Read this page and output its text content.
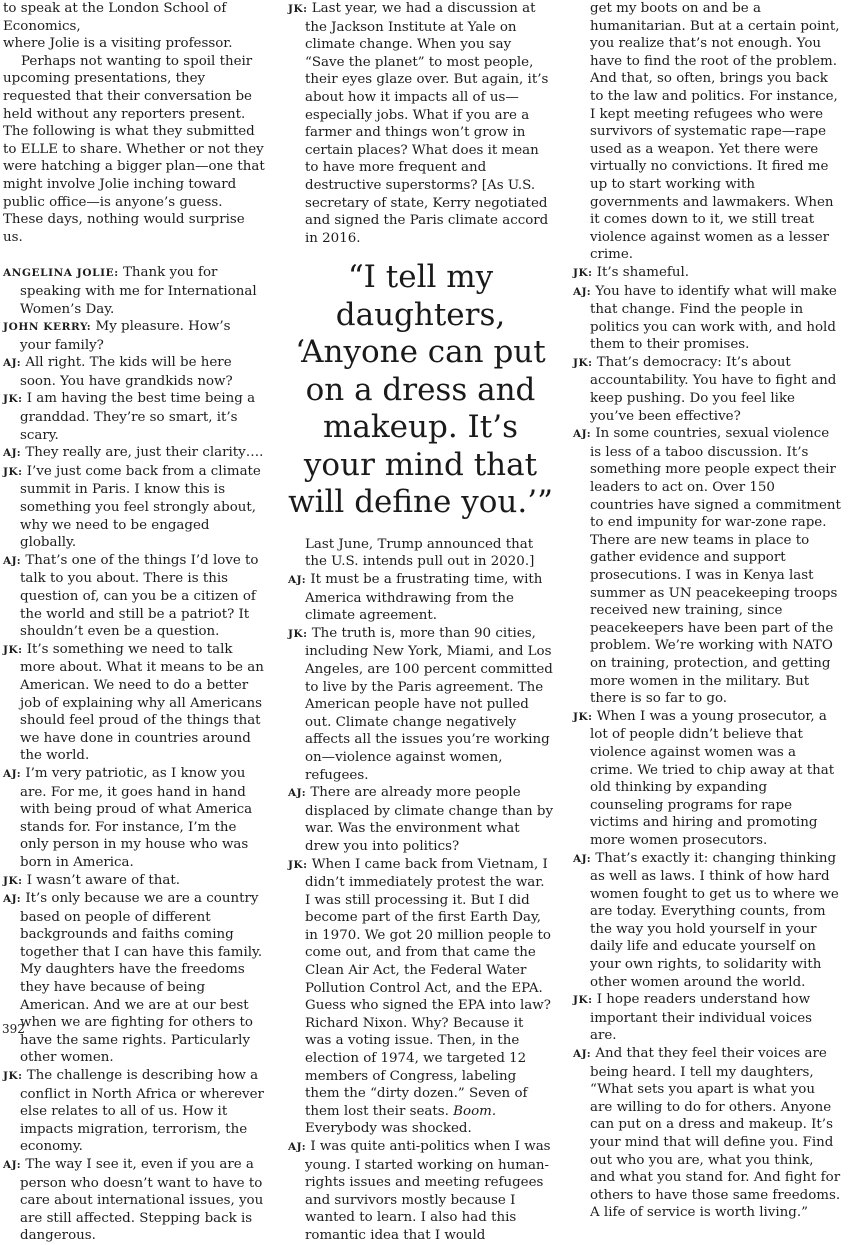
to speak at the London School of Economics,
where Jolie is a visiting professor.

Perhaps not wanting to spoil their upcoming presentations, they requested that their conversation be held without any reporters present. The following is what they submitted to ELLE to share. Whether or not they were hatching a bigger plan—one that might involve Jolie inching toward public office—is anyone’s guess. These days, nothing would surprise us.

ANGELINA JOLIE: Thank you for speaking with me for International Women’s Day.

JOHN KERRY: My pleasure. How’s your family?

AJ: All right. The kids will be here soon. You have grandkids now?

JK: I am having the best time being a granddad. They’re so smart, it’s scary.

AJ: They really are, just their clarity….

JK: I’ve just come back from a climate summit in Paris. I know this is something you feel strongly about, why we need to be engaged globally.

AJ: That’s one of the things I’d love to talk to you about. There is this question of, can you be a citizen of the world and still be a patriot? It shouldn’t even be a question.

JK: It’s something we need to talk more about. What it means to be an American. We need to do a better job of explaining why all Americans should feel proud of the things that we have done in countries around the world.

AJ: I’m very patriotic, as I know you are. For me, it goes hand in hand with being proud of what America stands for. For instance, I’m the only person in my house who was born in America.

JK: I wasn’t aware of that.

AJ: It’s only because we are a country based on people of different backgrounds and faiths coming together that I can have this family. My daughters have the freedoms they have because of being American. And we are at our best when we are fighting for others to have the same rights. Particularly other women.

JK: The challenge is describing how a conflict in North Africa or wherever else relates to all of us. How it impacts migration, terrorism, the economy.

AJ: The way I see it, even if you are a person who doesn’t want to have to care about international issues, you are still affected. Stepping back is dangerous.

JK: Last year, we had a discussion at the Jackson Institute at Yale on climate change. When you say “Save the planet” to most people, their eyes glaze over. But again, it’s about how it impacts all of us—especially jobs. What if you are a farmer and things won’t grow in certain places? What does it mean to have more frequent and destructive superstorms? [As U.S. secretary of state, Kerry negotiated and signed the Paris climate accord in 2016.

“I tell my daughters, ‘Anyone can put on a dress and makeup. It’s your mind that will define you.’”

Last June, Trump announced that the U.S. intends pull out in 2020.]

AJ: It must be a frustrating time, with America withdrawing from the climate agreement.

JK: The truth is, more than 90 cities, including New York, Miami, and Los Angeles, are 100 percent committed to live by the Paris agreement. The American people have not pulled out. Climate change negatively affects all the issues you’re working on—violence against women, refugees.

AJ: There are already more people displaced by climate change than by war. Was the environment what drew you into politics?

JK: When I came back from Vietnam, I didn’t immediately protest the war. I was still processing it. But I did become part of the first Earth Day, in 1970. We got 20 million people to come out, and from that came the Clean Air Act, the Federal Water Pollution Control Act, and the EPA. Guess who signed the EPA into law? Richard Nixon. Why? Because it was a voting issue. Then, in the election of 1974, we targeted 12 members of Congress, labeling them the “dirty dozen.” Seven of them lost their seats. Boom. Everybody was shocked.

AJ: I was quite anti-politics when I was young. I started working on human-rights issues and meeting refugees and survivors mostly because I wanted to learn. I also had this romantic idea that I would

get my boots on and be a humanitarian. But at a certain point, you realize that’s not enough. You have to find the root of the problem. And that, so often, brings you back to the law and politics. For instance, I kept meeting refugees who were survivors of systematic rape—rape used as a weapon. Yet there were virtually no convictions. It fired me up to start working with governments and lawmakers. When it comes down to it, we still treat violence against women as a lesser crime.

JK: It’s shameful.

AJ: You have to identify what will make that change. Find the people in politics you can work with, and hold them to their promises.

JK: That’s democracy: It’s about accountability. You have to fight and keep pushing. Do you feel like you’ve been effective?

AJ: In some countries, sexual violence is less of a taboo discussion. It’s something more people expect their leaders to act on. Over 150 countries have signed a commitment to end impunity for war-zone rape. There are new teams in place to gather evidence and support prosecutions. I was in Kenya last summer as UN peacekeeping troops received new training, since peacekeepers have been part of the problem. We’re working with NATO on training, protection, and getting more women in the military. But there is so far to go.

JK: When I was a young prosecutor, a lot of people didn’t believe that violence against women was a crime. We tried to chip away at that old thinking by expanding counseling programs for rape victims and hiring and promoting more women prosecutors.

AJ: That’s exactly it: changing thinking as well as laws. I think of how hard women fought to get us to where we are today. Everything counts, from the way you hold yourself in your daily life and educate yourself on your own rights, to solidarity with other women around the world.

JK: I hope readers understand how important their individual voices are.

AJ: And that they feel their voices are being heard. I tell my daughters, “What sets you apart is what you are willing to do for others. Anyone can put on a dress and makeup. It’s your mind that will define you. Find out who you are, what you think, and what you stand for. And fight for others to have those same freedoms. A life of service is worth living.”

392
